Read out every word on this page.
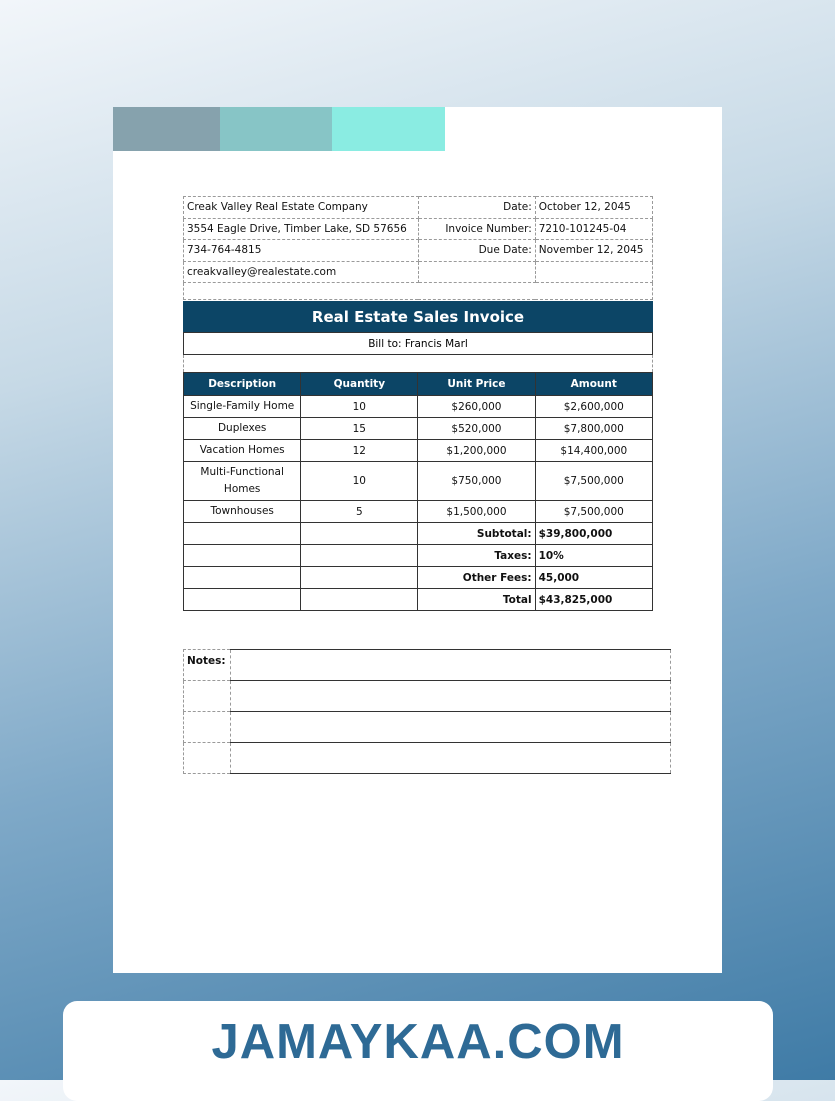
Creak Valley Real Estate Company	Date:	October 12, 2045
3554 Eagle Drive, Timber Lake, SD 57656	Invoice Number:	7210-101245-04
734-764-4815	Due Date:	November 12, 2045
creakvalley@realestate.com		

Real Estate Sales Invoice
Bill to: Francis Marl
Description	Quantity	Unit Price	Amount
Single-Family Home	10	$260,000	$2,600,000
Duplexes	15	$520,000	$7,800,000
Vacation Homes	12	$1,200,000	$14,400,000
Multi-Functional Homes	10	$750,000	$7,500,000
Townhouses	5	$1,500,000	$7,500,000
		Subtotal:	$39,800,000
		Taxes:	10%
		Other Fees:	45,000
		Total	$43,825,000
Notes:	

JAMAYKAA.COM
